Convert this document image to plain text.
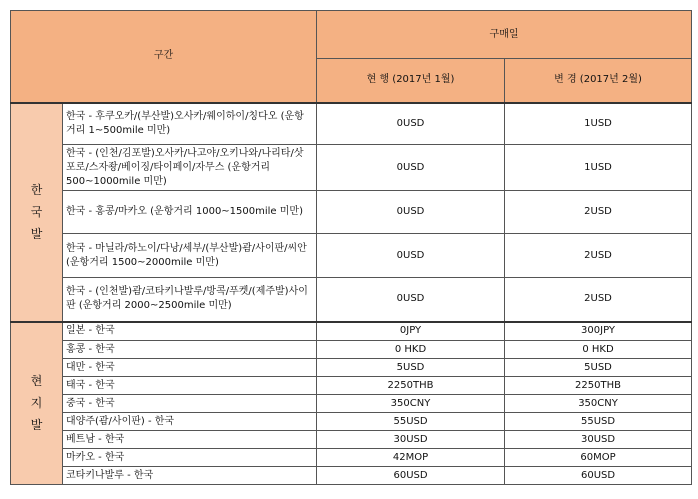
구간		구매일	
		현 행 (2017년 1월)	변 경 (2017년 2월)
한국발	한국 - 후쿠오카/(부산발)오사카/웨이하이/칭다오 (운항거리 1~500mile 미만)	0USD	1USD
	한국 - (인천/김포발)오사카/나고야/오키나와/나리타/삿포로/스자좡/베이징/타이페이/자무스 (운항거리 500~1000mile 미만)	0USD	1USD
	한국 - 홍콩/마카오 (운항거리 1000~1500mile 미만)	0USD	2USD
	한국 - 마닐라/하노이/다낭/세부/(부산발)괌/사이판/씨안 (운항거리 1500~2000mile 미만)	0USD	2USD
	한국 - (인천발)괌/코타키나발루/방콕/푸켓/(제주발)사이판 (운항거리 2000~2500mile 미만)	0USD	2USD
현지발	일본 - 한국	0JPY	300JPY
	홍콩 - 한국	0 HKD	0 HKD
	대만 - 한국	5USD	5USD
	태국 - 한국	2250THB	2250THB
	중국 - 한국	350CNY	350CNY
	대양주(괌/사이판) - 한국	55USD	55USD
	베트남 - 한국	30USD	30USD
	마카오 - 한국	42MOP	60MOP
	코타키나발루 - 한국	60USD	60USD
